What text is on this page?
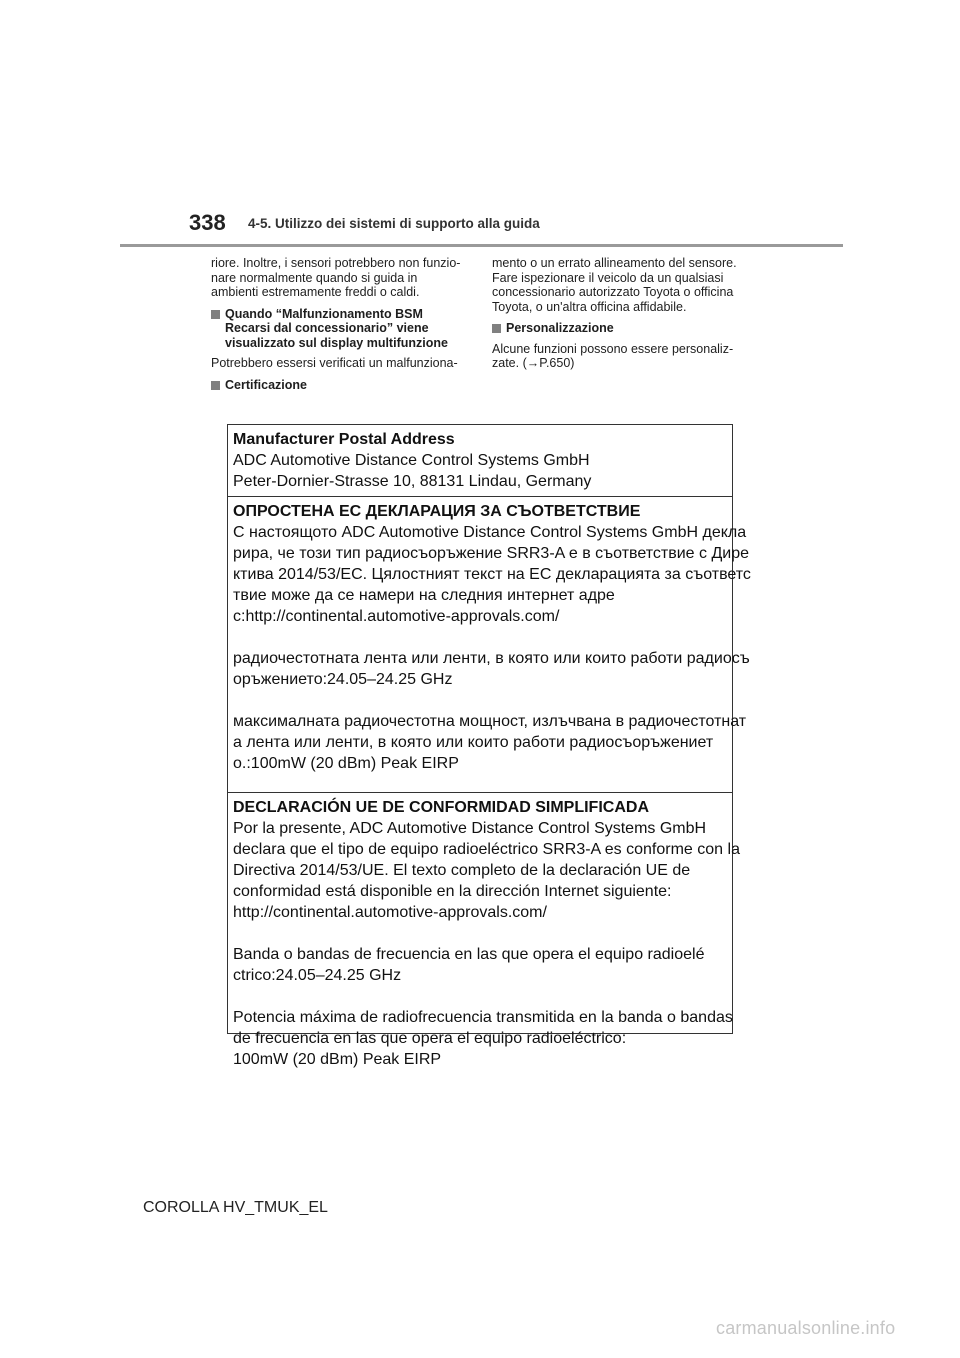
338 4-5. Utilizzo dei sistemi di supporto alla guida

riore. Inoltre, i sensori potrebbero non funzio-
nare normalmente quando si guida in
ambienti estremamente freddi o caldi.

Quando “Malfunzionamento BSM
Recarsi dal concessionario” viene
visualizzato sul display multifunzione

Potrebbero essersi verificati un malfunziona-

Certificazione

mento o un errato allineamento del sensore.
Fare ispezionare il veicolo da un qualsiasi
concessionario autorizzato Toyota o officina
Toyota, o un'altra officina affidabile.

Personalizzazione

Alcune funzioni possono essere personaliz-
zate. (→P.650)

Manufacturer Postal Address
ADC Automotive Distance Control Systems GmbH
Peter-Dornier-Strasse 10, 88131 Lindau, Germany
ОПРОСТЕНА ЕС ДЕКЛАРАЦИЯ ЗА СЪОТВЕТСТВИЕ
С настоящото ADC Automotive Distance Control Systems GmbH декла
рира, че този тип радиосъоръжение SRR3-A е в съответствие с Дире
ктива 2014/53/ЕС. Цялостният текст на ЕС декларацията за съответс
твие може да се намери на следния интернет адре
с:http://continental.automotive-approvals.com/
радиочестотната лента или ленти, в която или които работи радиосъ
оръжението:24.05–24.25 GHz
максималната радиочестотна мощност, излъчвана в радиочестотнат
а лента или ленти, в която или които работи радиосъоръжениет
о.:100mW (20 dBm) Peak EIRP
DECLARACIÓN UE DE CONFORMIDAD SIMPLIFICADA
Por la presente, ADC Automotive Distance Control Systems GmbH
declara que el tipo de equipo radioeléctrico SRR3-A es conforme con la
Directiva 2014/53/UE. El texto completo de la declaración UE de
conformidad está disponible en la dirección Internet siguiente:
http://continental.automotive-approvals.com/
Banda o bandas de frecuencia en las que opera el equipo radioelé
ctrico:24.05–24.25 GHz
Potencia máxima de radiofrecuencia transmitida en la banda o bandas
de frecuencia en las que opera el equipo radioeléctrico:
100mW (20 dBm) Peak EIRP
COROLLA HV_TMUK_EL
carmanualsonline.info
